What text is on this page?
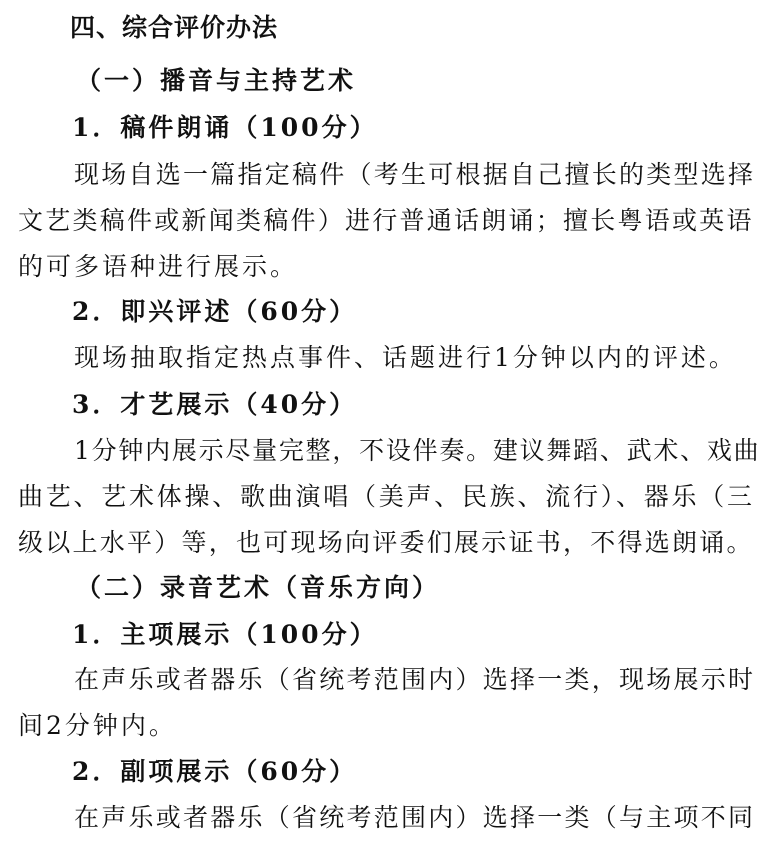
四、综合评价办法
（一）播音与主持艺术
1．稿件朗诵（100分）
现场自选一篇指定稿件（考生可根据自己擅长的类型选择
文艺类稿件或新闻类稿件）进行普通话朗诵；擅长粤语或英语
的可多语种进行展示。
2．即兴评述（60分）
现场抽取指定热点事件、话题进行1分钟以内的评述。
3．才艺展示（40分）
1分钟内展示尽量完整，不设伴奏。建议舞蹈、武术、戏曲
曲艺、艺术体操、歌曲演唱（美声、民族、流行）、器乐（三
级以上水平）等，也可现场向评委们展示证书，不得选朗诵。
（二）录音艺术（音乐方向）
1．主项展示（100分）
在声乐或者器乐（省统考范围内）选择一类，现场展示时
间2分钟内。
2．副项展示（60分）
在声乐或者器乐（省统考范围内）选择一类（与主项不同
